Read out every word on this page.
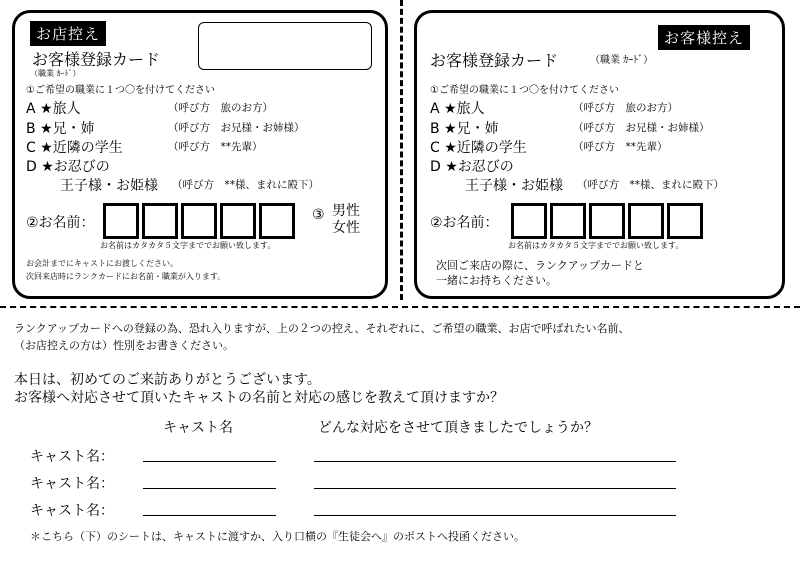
お店控え
お客様登録カード
（職業 ｶｰﾄﾞ）
①ご希望の職業に１つ〇を付けてください
A ★旅人	（呼び方　旅のお方）
B ★兄・姉	（呼び方　お兄様・お姉様）
C ★近隣の学生	（呼び方　**先輩）
D ★お忍びの
王子様・お姫様 （呼び方　**様、まれに殿下）
②お名前：	③ 男性
女性
お名前はカタカタ５文字まででお願い致します。
お会計までにキャストにお渡しください。
次回来店時にランクカードにお名前・職業が入ります。
お客様控え
お客様登録カード	（職業 ｶｰﾄﾞ）
①ご希望の職業に１つ〇を付けてください
A ★旅人	（呼び方　旅のお方）
B ★兄・姉	（呼び方　お兄様・お姉様）
C ★近隣の学生	（呼び方　**先輩）
D ★お忍びの
王子様・お姫様 （呼び方　**様、まれに殿下）
②お名前：
お名前はカタカタ５文字まででお願い致します。
次回ご来店の際に、ランクアップカードと
一緒にお持ちください。
ランクアップカードへの登録の為、恐れ入りますが、上の２つの控え、それぞれに、ご希望の職業、お店で呼ばれたい名前、
（お店控えの方は）性別をお書きください。
本日は、初めてのご来訪ありがとうございます。
お客様へ対応させて頂いたキャストの名前と対応の感じを教えて頂けますか？
キャスト名	どんな対応をさせて頂きましたでしょうか？
キャスト名：
キャスト名：
キャスト名：
＊こちら（下）のシートは、キャストに渡すか、入り口横の『生徒会へ』のポストへ投函ください。
